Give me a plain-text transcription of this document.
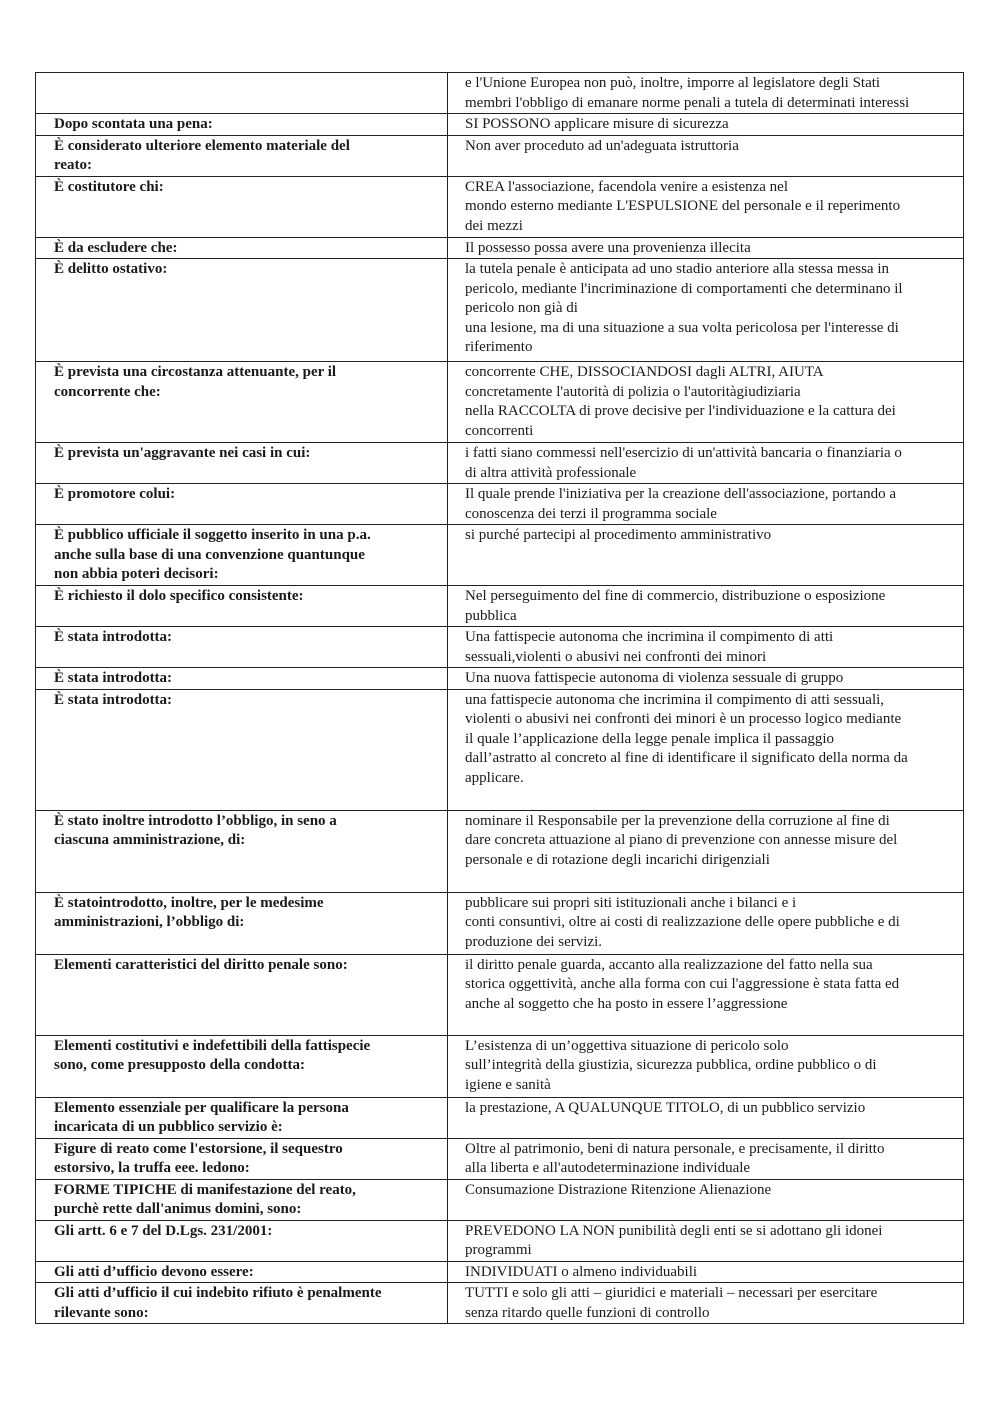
	e l'Unione Europea non può, inoltre, imporre al legislatore degli Stati
membri l'obbligo di emanare norme penali a tutela di determinati interessi

Dopo scontata una pena:	SI POSSONO applicare misure di sicurezza

È considerato ulteriore elemento materiale del
reato:	Non aver proceduto ad un'adeguata istruttoria

È costitutore chi:	CREA l'associazione, facendola venire a esistenza nel
mondo esterno mediante L'ESPULSIONE del personale e il reperimento
dei mezzi

È da escludere che:	Il possesso possa avere una provenienza illecita

È delitto ostativo:	la tutela penale è anticipata ad uno stadio anteriore alla stessa messa in
pericolo, mediante l'incriminazione di comportamenti che determinano il
pericolo non già di
una lesione, ma di una situazione a sua volta pericolosa per l'interesse di
riferimento

È prevista una circostanza attenuante, per il
concorrente che:	concorrente CHE, DISSOCIANDOSI dagli ALTRI, AIUTA
concretamente l'autorità di polizia o l'autoritàgiudiziaria
nella RACCOLTA di prove decisive per l'individuazione e la cattura dei
concorrenti

È prevista un'aggravante nei casi in cui:	i fatti siano commessi nell'esercizio di un'attività bancaria o finanziaria o
di altra attività professionale

È promotore colui:	Il quale prende l'iniziativa per la creazione dell'associazione, portando a
conoscenza dei terzi il programma sociale

È pubblico ufficiale il soggetto inserito in una p.a.
anche sulla base di una convenzione quantunque
non abbia poteri decisori:	si purché partecipi al procedimento amministrativo

È richiesto il dolo specifico consistente:	Nel perseguimento del fine di commercio, distribuzione o esposizione
pubblica

È stata introdotta:	Una fattispecie autonoma che incrimina il compimento di atti
sessuali,violenti o abusivi nei confronti dei minori

È stata introdotta:	Una nuova fattispecie autonoma di violenza sessuale di gruppo

È stata introdotta:	una fattispecie autonoma che incrimina il compimento di atti sessuali,
violenti o abusivi nei confronti dei minori è un processo logico mediante
il quale l’applicazione della legge penale implica il passaggio
dall’astratto al concreto al fine di identificare il significato della norma da
applicare.

È stato inoltre introdotto l’obbligo, in seno a
ciascuna amministrazione, di:	nominare il Responsabile per la prevenzione della corruzione al fine di
dare concreta attuazione al piano di prevenzione con annesse misure del
personale e di rotazione degli incarichi dirigenziali

È statointrodotto, inoltre, per le medesime
amministrazioni, l’obbligo di:	pubblicare sui propri siti istituzionali anche i bilanci e i
conti consuntivi, oltre ai costi di realizzazione delle opere pubbliche e di
produzione dei servizi.

Elementi caratteristici del diritto penale sono:	il diritto penale guarda, accanto alla realizzazione del fatto nella sua
storica oggettività, anche alla forma con cui l'aggressione è stata fatta ed
anche al soggetto che ha posto in essere l’aggressione

Elementi costitutivi e indefettibili della fattispecie
sono, come presupposto della condotta:	L’esistenza di un’oggettiva situazione di pericolo solo
sull’integrità della giustizia, sicurezza pubblica, ordine pubblico o di
igiene e sanità

Elemento essenziale per qualificare la persona
incaricata di un pubblico servizio è:	la prestazione, A QUALUNQUE TITOLO, di un pubblico servizio

Figure di reato come l'estorsione, il sequestro
estorsivo, la truffa eee. ledono:	Oltre al patrimonio, beni di natura personale, e precisamente, il diritto
alla liberta e all'autodeterminazione individuale

FORME TIPICHE di manifestazione del reato,
purchè rette dall'animus domini, sono:	Consumazione Distrazione Ritenzione Alienazione

Gli artt. 6 e 7 del D.Lgs. 231/2001:	PREVEDONO LA NON punibilità degli enti se si adottano gli idonei
programmi

Gli atti d’ufficio devono essere:	INDIVIDUATI o almeno individuabili

Gli atti d’ufficio il cui indebito rifiuto è penalmente
rilevante sono:	TUTTI e solo gli atti – giuridici e materiali – necessari per esercitare
senza ritardo quelle funzioni di controllo
